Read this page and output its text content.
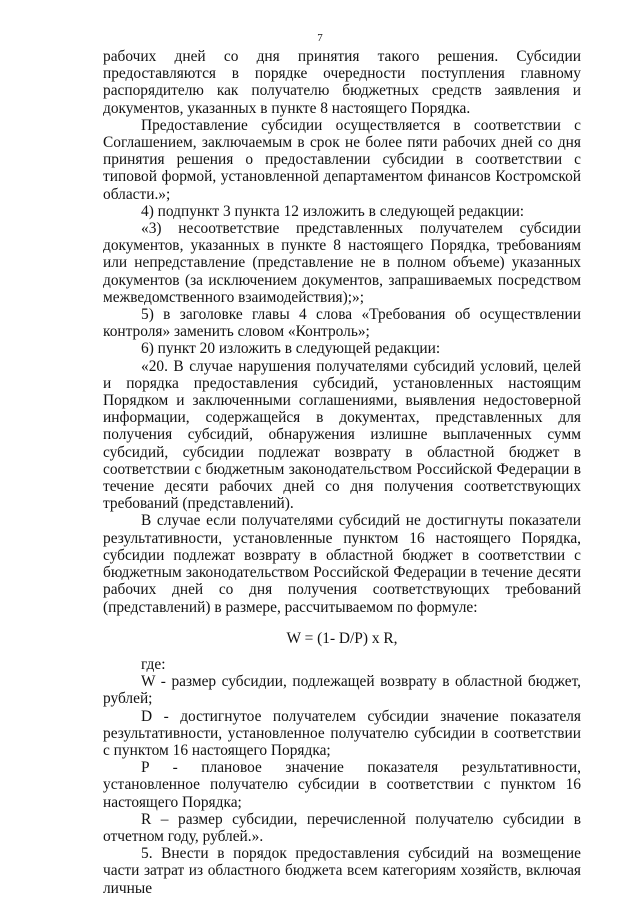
7

рабочих дней со дня принятия такого решения. Субсидии предоставляются в порядке очередности поступления главному распорядителю как получателю бюджетных средств заявления и документов, указанных в пункте 8 настоящего Порядка.

Предоставление субсидии осуществляется в соответствии с Соглашением, заключаемым в срок не более пяти рабочих дней со дня принятия решения о предоставлении субсидии в соответствии с типовой формой, установленной департаментом финансов Костромской области.»;

4) подпункт 3 пункта 12 изложить в следующей редакции:

«3) несоответствие представленных получателем субсидии документов, указанных в пункте 8 настоящего Порядка, требованиям или непредставление (представление не в полном объеме) указанных документов (за исключением документов, запрашиваемых посредством межведомственного взаимодействия);»;

5) в заголовке главы 4 слова «Требования об осуществлении контроля» заменить словом «Контроль»;

6) пункт 20 изложить в следующей редакции:

«20. В случае нарушения получателями субсидий условий, целей и порядка предоставления субсидий, установленных настоящим Порядком и заключенными соглашениями, выявления недостоверной информации, содержащейся в документах, представленных для получения субсидий, обнаружения излишне выплаченных сумм субсидий, субсидии подлежат возврату в областной бюджет в соответствии с бюджетным законодательством Российской Федерации в течение десяти рабочих дней со дня получения соответствующих требований (представлений).

В случае если получателями субсидий не достигнуты показатели результативности, установленные пунктом 16 настоящего Порядка, субсидии подлежат возврату в областной бюджет в соответствии с бюджетным законодательством Российской Федерации в течение десяти рабочих дней со дня получения соответствующих требований (представлений) в размере, рассчитываемом по формуле:

W = (1- D/P) x R,

где:

W - размер субсидии, подлежащей возврату в областной бюджет, рублей;

D - достигнутое получателем субсидии значение показателя результативности, установленное получателю субсидии в соответствии с пунктом 16 настоящего Порядка;

P - плановое значение показателя результативности, установленное получателю субсидии в соответствии с пунктом 16 настоящего Порядка;

R – размер субсидии, перечисленной получателю субсидии в отчетном году, рублей.».

5. Внести в порядок предоставления субсидий на возмещение части затрат из областного бюджета всем категориям хозяйств, включая личные
